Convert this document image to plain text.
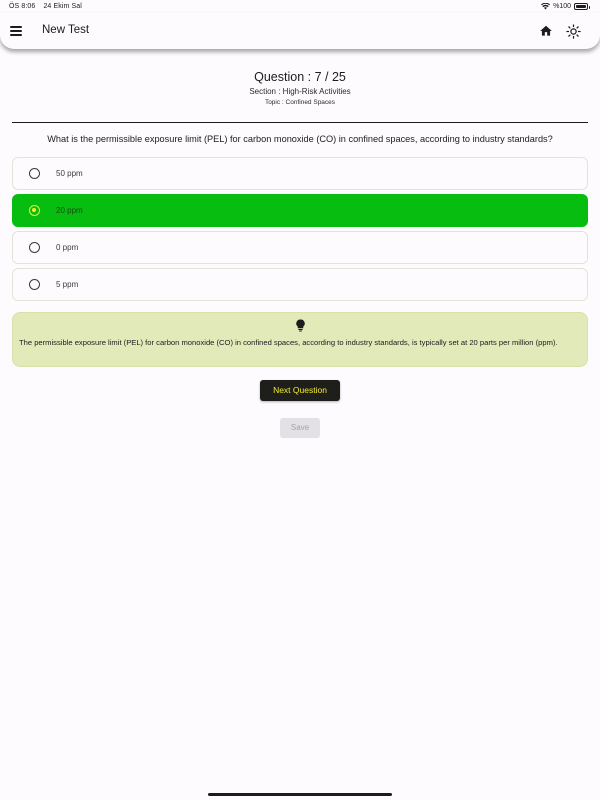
ÖS 8:06 24 Ekim Sal	%100
New Test
Question : 7 / 25
Section : High-Risk Activities
Topic : Confined Spaces
What is the permissible exposure limit (PEL) for carbon monoxide (CO) in confined spaces, according to industry standards?
50 ppm
20 ppm
0 ppm
5 ppm
The permissible exposure limit (PEL) for carbon monoxide (CO) in confined spaces, according to industry standards, is typically set at 20 parts per million (ppm).
Next Question
Save
